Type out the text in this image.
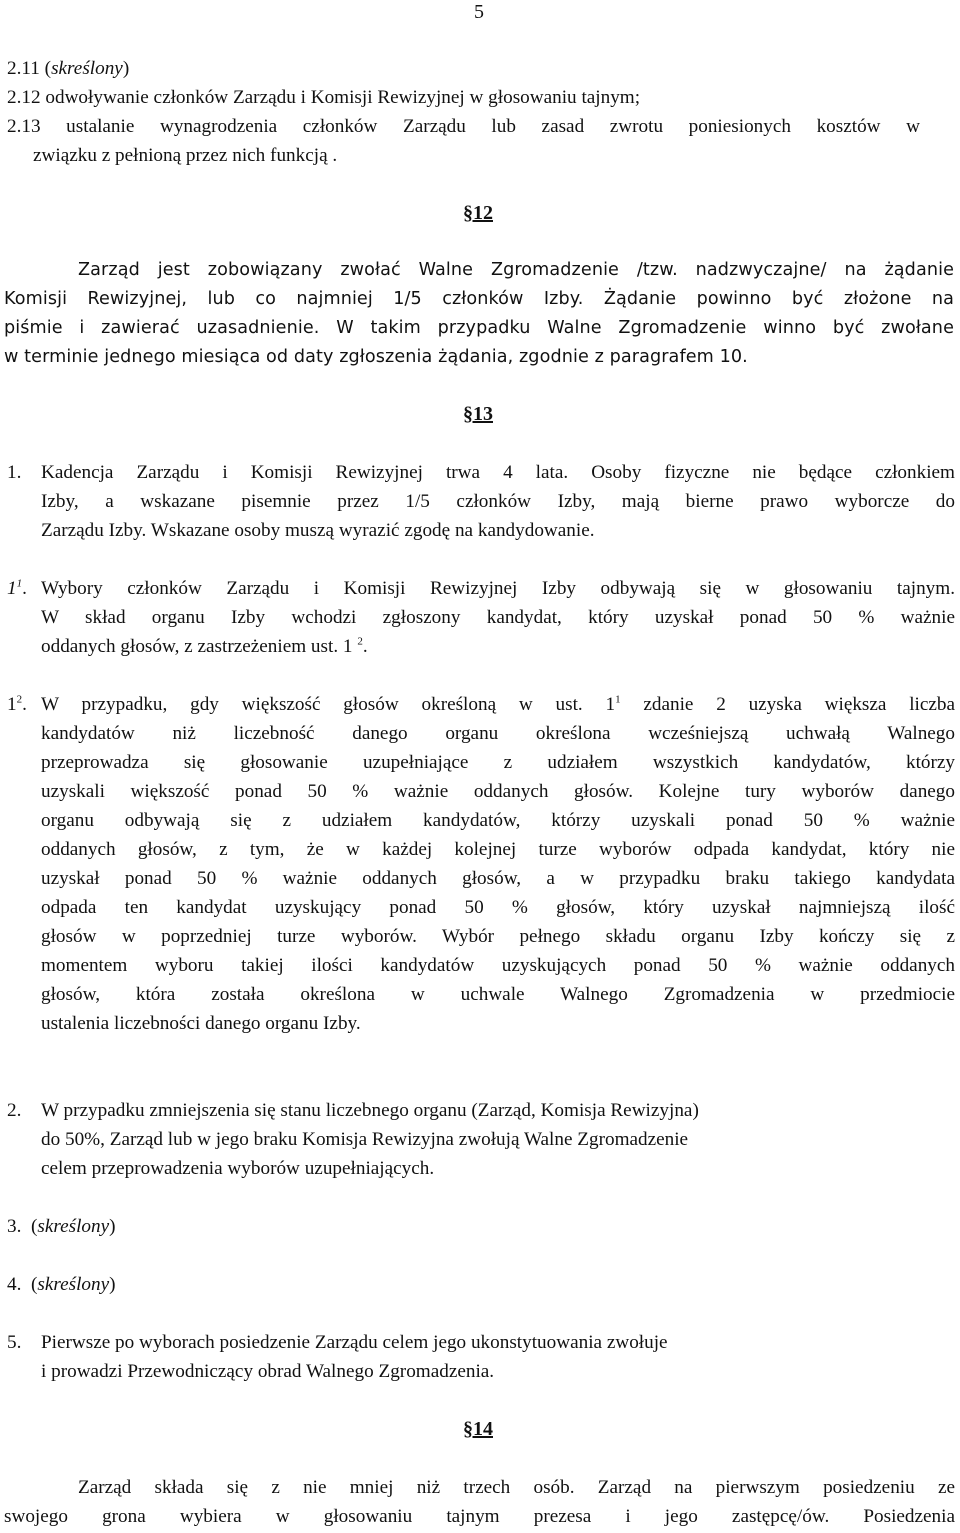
5
2.11 (skreślony)
2.12 odwoływanie członków Zarządu i Komisji Rewizyjnej w głosowaniu tajnym;
2.13 ustalanie wynagrodzenia członków Zarządu lub zasad zwrotu poniesionych kosztów w
związku z pełnioną przez nich funkcją .
§12
Zarząd jest zobowiązany zwołać Walne Zgromadzenie /tzw. nadzwyczajne/ na żądanie
Komisji Rewizyjnej, lub co najmniej 1/5 członków Izby. Żądanie powinno być złożone na
piśmie i zawierać uzasadnienie. W takim przypadku Walne Zgromadzenie winno być zwołane
w terminie jednego miesiąca od daty zgłoszenia żądania, zgodnie z paragrafem 10.
§13
1. Kadencja Zarządu i Komisji Rewizyjnej trwa 4 lata. Osoby fizyczne nie będące członkiem
Izby, a wskazane pisemnie przez 1/5 członków Izby, mają bierne prawo wyborcze do
Zarządu Izby. Wskazane osoby muszą wyrazić zgodę na kandydowanie.
$1^1$. Wybory członków Zarządu i Komisji Rewizyjnej Izby odbywają się w głosowaniu tajnym.
W skład organu Izby wchodzi zgłoszony kandydat, który uzyskał ponad 50 % ważnie
oddanych głosów, z zastrzeżeniem ust. 1 $^2$.
$1^2$. W przypadku, gdy większość głosów określoną w ust. $1^1$ zdanie 2 uzyska większa liczba
kandydatów niż liczebność danego organu określona wcześniejszą uchwałą Walnego
przeprowadza się głosowanie uzupełniające z udziałem wszystkich kandydatów, którzy
uzyskali większość ponad 50 % ważnie oddanych głosów. Kolejne tury wyborów danego
organu odbywają się z udziałem kandydatów, którzy uzyskali ponad 50 % ważnie
oddanych głosów, z tym, że w każdej kolejnej turze wyborów odpada kandydat, który nie
uzyskał ponad 50 % ważnie oddanych głosów, a w przypadku braku takiego kandydata
odpada ten kandydat uzyskujący ponad 50 % głosów, który uzyskał najmniejszą ilość
głosów w poprzedniej turze wyborów. Wybór pełnego składu organu Izby kończy się z
momentem wyboru takiej ilości kandydatów uzyskujących ponad 50 % ważnie oddanych
głosów, która została określona w uchwale Walnego Zgromadzenia w przedmiocie
ustalenia liczebności danego organu Izby.
2. W przypadku zmniejszenia się stanu liczebnego organu (Zarząd, Komisja Rewizyjna)
do 50%, Zarząd lub w jego braku Komisja Rewizyjna zwołują Walne Zgromadzenie
celem przeprowadzenia wyborów uzupełniających.
3.  (skreślony)
4.  (skreślony)
5. Pierwsze po wyborach posiedzenie Zarządu celem jego ukonstytuowania zwołuje
i prowadzi Przewodniczący obrad Walnego Zgromadzenia.
§14
Zarząd składa się z nie mniej niż trzech osób. Zarząd na pierwszym posiedzeniu ze
swojego grona wybiera w głosowaniu tajnym prezesa i jego zastępcę/ów. Posiedzenia
